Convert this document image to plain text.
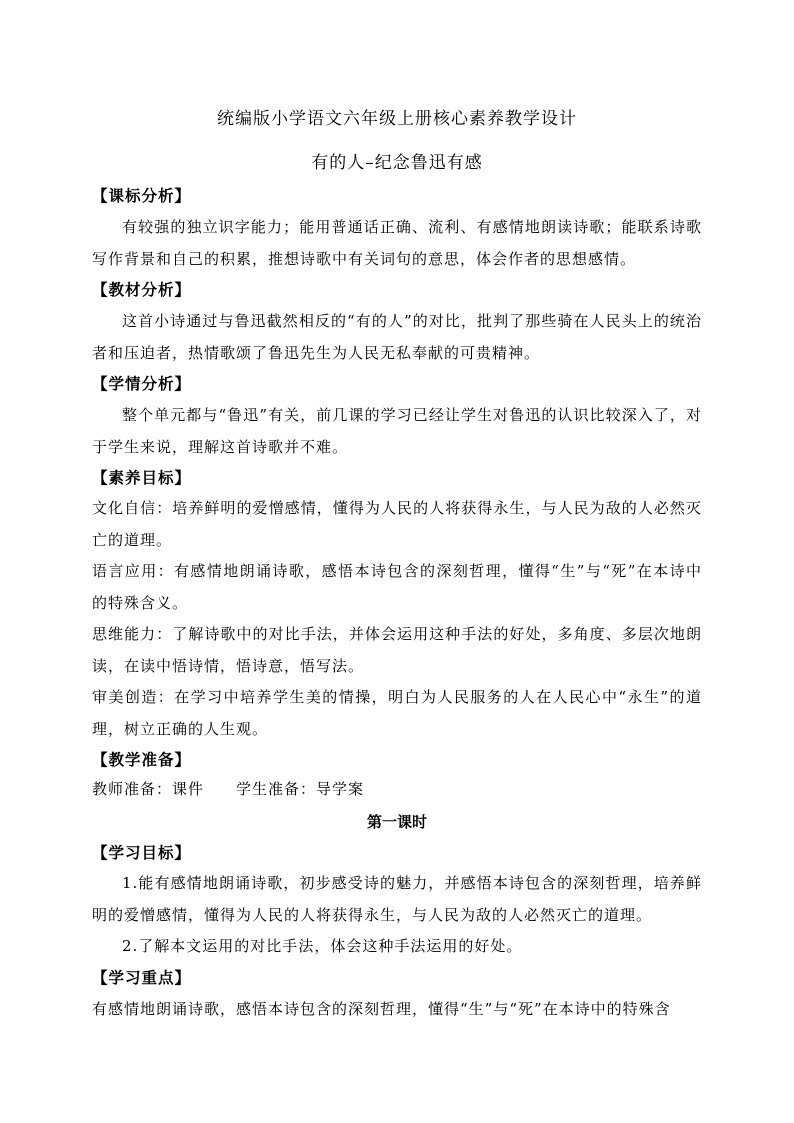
统编版小学语文六年级上册核心素养教学设计
有的人–纪念鲁迅有感
【课标分析】

有较强的独立识字能力；能用普通话正确、流利、有感情地朗读诗歌；能联系诗歌写作背景和自己的积累，推想诗歌中有关词句的意思，体会作者的思想感情。

【教材分析】

这首小诗通过与鲁迅截然相反的“有的人”的对比，批判了那些骑在人民头上的统治者和压迫者，热情歌颂了鲁迅先生为人民无私奉献的可贵精神。

【学情分析】

整个单元都与“鲁迅”有关，前几课的学习已经让学生对鲁迅的认识比较深入了，对于学生来说，理解这首诗歌并不难。

【素养目标】

文化自信：培养鲜明的爱憎感情，懂得为人民的人将获得永生，与人民为敌的人必然灭亡的道理。

语言应用：有感情地朗诵诗歌，感悟本诗包含的深刻哲理，懂得“生”与“死”在本诗中的特殊含义。

思维能力：了解诗歌中的对比手法，并体会运用这种手法的好处，多角度、多层次地朗读，在读中悟诗情，悟诗意，悟写法。

审美创造：在学习中培养学生美的情操，明白为人民服务的人在人民心中“永生”的道理，树立正确的人生观。

【教学准备】

教师准备：课件　　学生准备：导学案

第一课时
【学习目标】

1.能有感情地朗诵诗歌，初步感受诗的魅力，并感悟本诗包含的深刻哲理，培养鲜明的爱憎感情，懂得为人民的人将获得永生，与人民为敌的人必然灭亡的道理。

2.了解本文运用的对比手法，体会这种手法运用的好处。

【学习重点】

有感情地朗诵诗歌，感悟本诗包含的深刻哲理，懂得“生”与“死”在本诗中的特殊含
